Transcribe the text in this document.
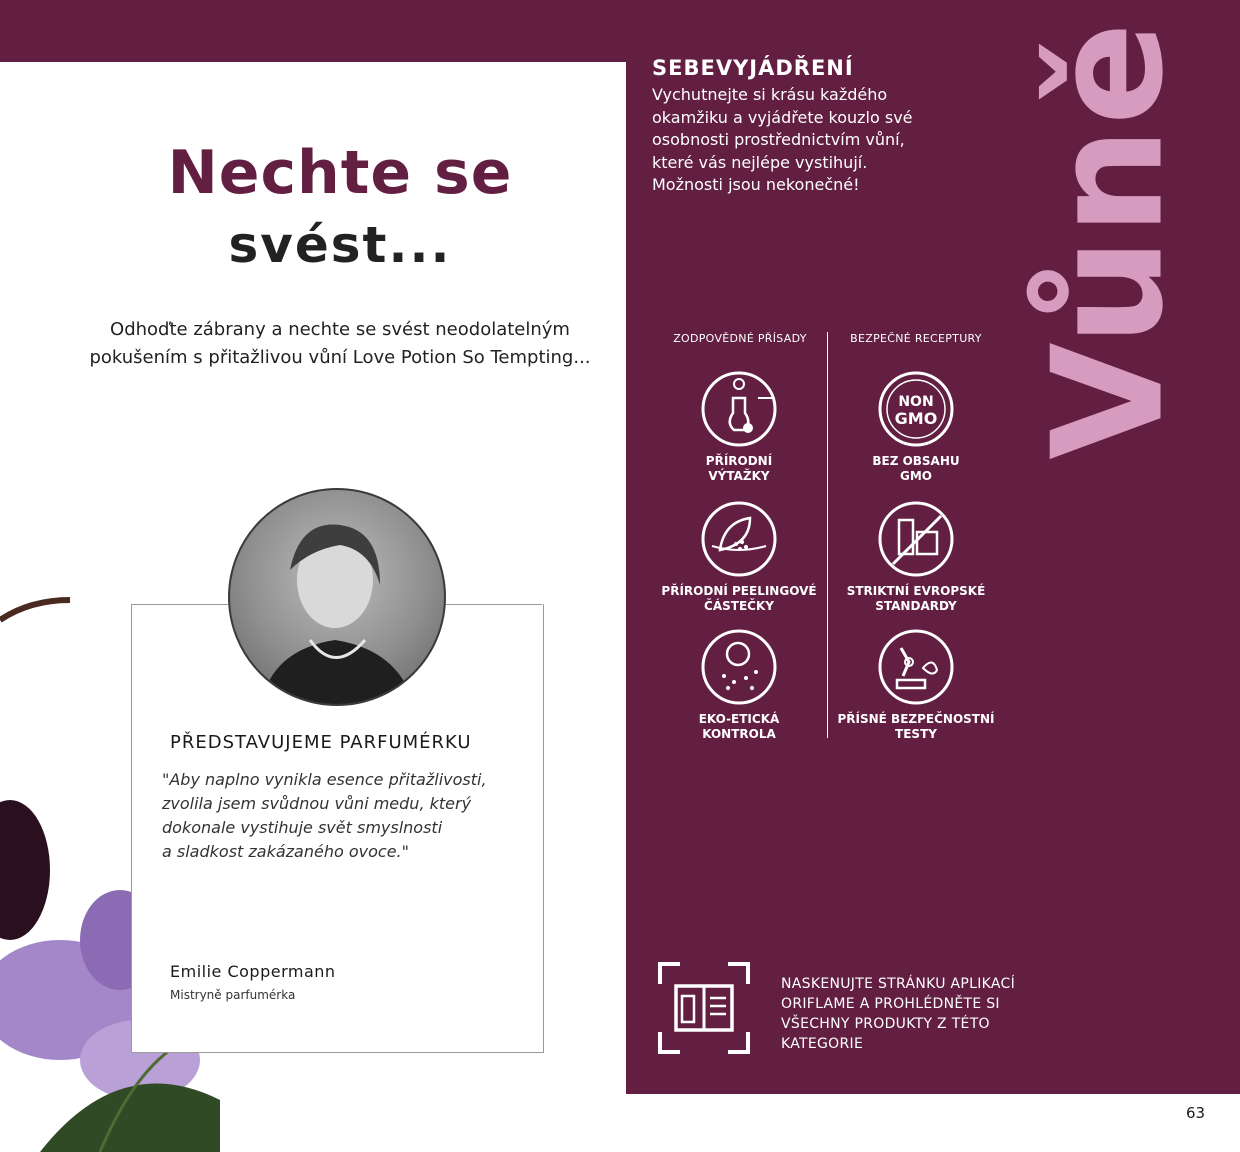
Nechte se
svést...
Odhoďte zábrany a nechte se svést neodolatelným pokušením s přitažlivou vůní Love Potion So Tempting...
PŘEDSTAVUJEME PARFUMÉRKU
"Aby naplno vynikla esence přitažlivosti,
zvolila jsem svůdnou vůni medu, který
dokonale vystihuje svět smyslnosti
a sladkost zakázaného ovoce."
Emilie Coppermann
Mistryně parfumérka
SEBEVYJÁDŘENÍ
Vychutnejte si krásu každého
okamžiku a vyjádřete kouzlo své
osobnosti prostřednictvím vůní,
které vás nejlépe vystihují.
Možnosti jsou nekonečné!	Vůně
ZODPOVĚDNÉ PŘÍSADY	BEZPEČNÉ RECEPTURY
PŘÍRODNÍ
VÝTAŽKY
NON
GMO
BEZ OBSAHU
GMO
PŘÍRODNÍ PEELINGOVÉ
ČÁSTEČKY
STRIKTNÍ EVROPSKÉ
STANDARDY
EKO-ETICKÁ
KONTROLA
PŘÍSNÉ BEZPEČNOSTNÍ
TESTY
NASKENUJTE STRÁNKU APLIKACÍ
ORIFLAME A PROHLÉDNĚTE SI
VŠECHNY PRODUKTY Z TÉTO
KATEGORIE
63
